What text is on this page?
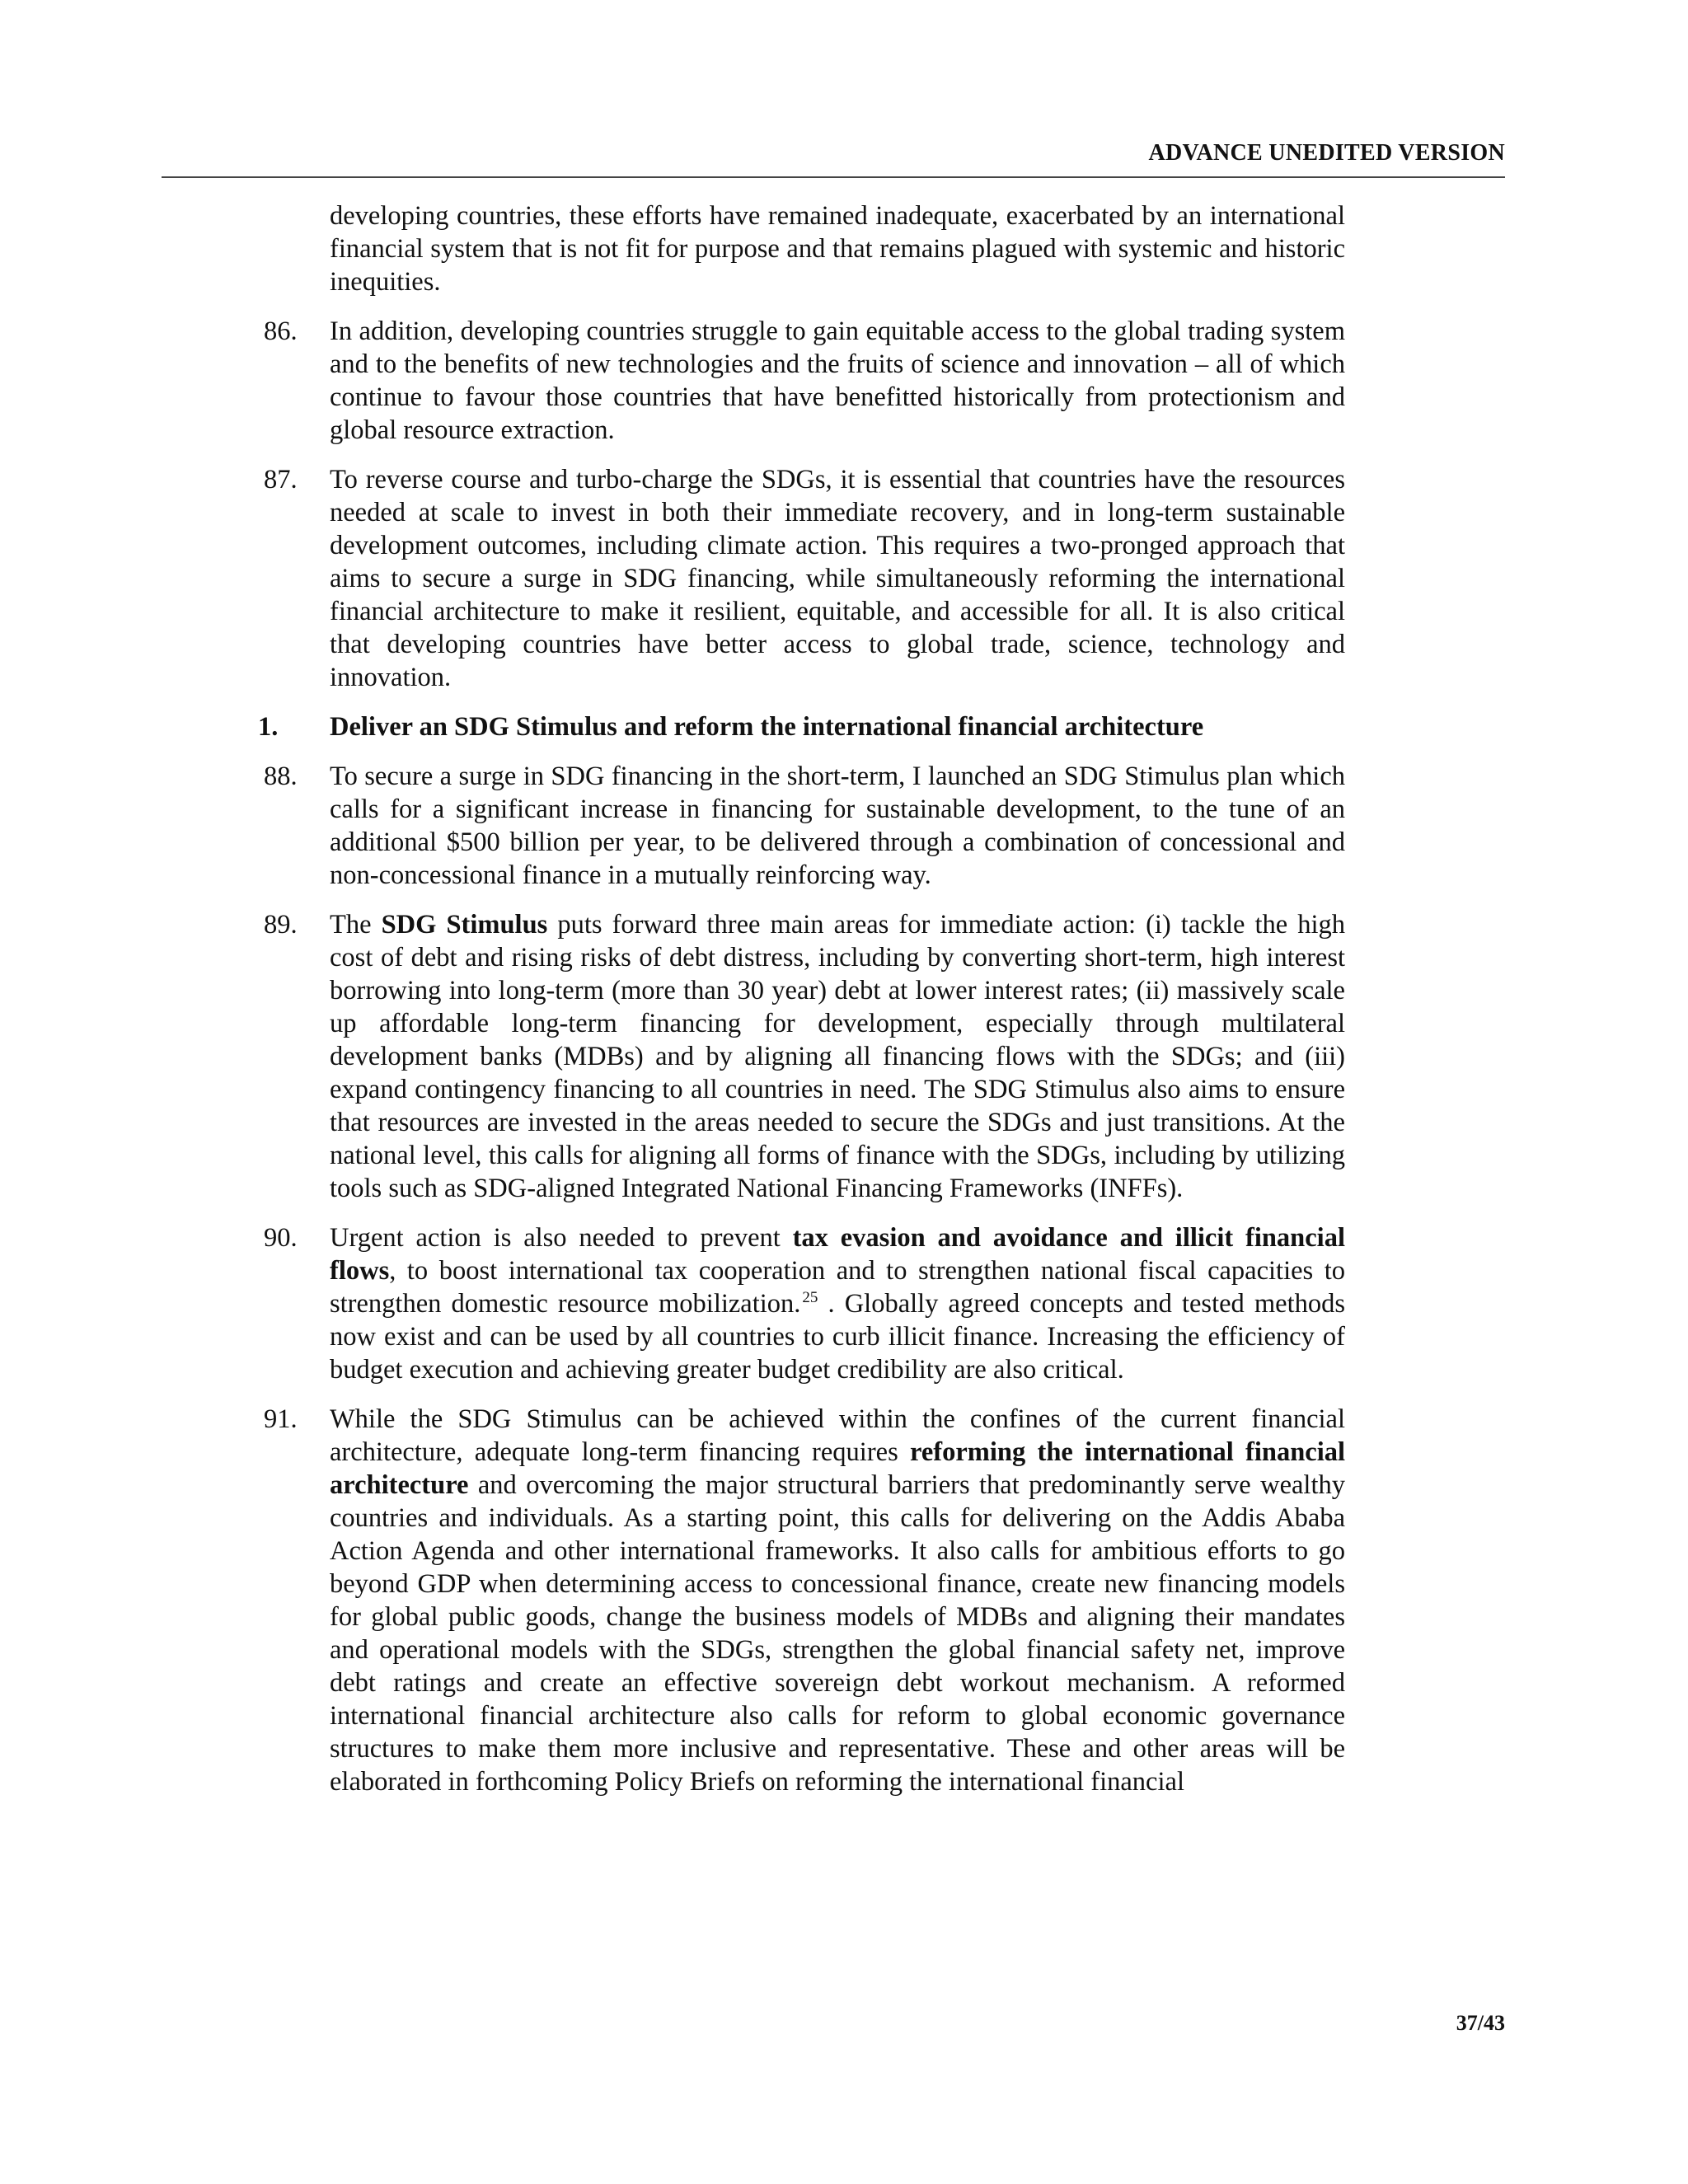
ADVANCE UNEDITED VERSION

developing countries, these efforts have remained inadequate, exacerbated by an international financial system that is not fit for purpose and that remains plagued with systemic and historic inequities.

86. In addition, developing countries struggle to gain equitable access to the global trading system and to the benefits of new technologies and the fruits of science and innovation – all of which continue to favour those countries that have benefitted historically from protectionism and global resource extraction.

87. To reverse course and turbo-charge the SDGs, it is essential that countries have the resources needed at scale to invest in both their immediate recovery, and in long-term sustainable development outcomes, including climate action. This requires a two-pronged approach that aims to secure a surge in SDG financing, while simultaneously reforming the international financial architecture to make it resilient, equitable, and accessible for all. It is also critical that developing countries have better access to global trade, science, technology and innovation.

1. Deliver an SDG Stimulus and reform the international financial architecture

88. To secure a surge in SDG financing in the short-term, I launched an SDG Stimulus plan which calls for a significant increase in financing for sustainable development, to the tune of an additional $500 billion per year, to be delivered through a combination of concessional and non-concessional finance in a mutually reinforcing way.

89. The SDG Stimulus puts forward three main areas for immediate action: (i) tackle the high cost of debt and rising risks of debt distress, including by converting short-term, high interest borrowing into long-term (more than 30 year) debt at lower interest rates; (ii) massively scale up affordable long-term financing for development, especially through multilateral development banks (MDBs) and by aligning all financing flows with the SDGs; and (iii) expand contingency financing to all countries in need. The SDG Stimulus also aims to ensure that resources are invested in the areas needed to secure the SDGs and just transitions. At the national level, this calls for aligning all forms of finance with the SDGs, including by utilizing tools such as SDG-aligned Integrated National Financing Frameworks (INFFs).

90. Urgent action is also needed to prevent tax evasion and avoidance and illicit financial flows, to boost international tax cooperation and to strengthen national fiscal capacities to strengthen domestic resource mobilization. $^{25}$ . Globally agreed concepts and tested methods now exist and can be used by all countries to curb illicit finance. Increasing the efficiency of budget execution and achieving greater budget credibility are also critical.

91. While the SDG Stimulus can be achieved within the confines of the current financial architecture, adequate long-term financing requires reforming the international financial architecture and overcoming the major structural barriers that predominantly serve wealthy countries and individuals. As a starting point, this calls for delivering on the Addis Ababa Action Agenda and other international frameworks. It also calls for ambitious efforts to go beyond GDP when determining access to concessional finance, create new financing models for global public goods, change the business models of MDBs and aligning their mandates and operational models with the SDGs, strengthen the global financial safety net, improve debt ratings and create an effective sovereign debt workout mechanism. A reformed international financial architecture also calls for reform to global economic governance structures to make them more inclusive and representative. These and other areas will be elaborated in forthcoming Policy Briefs on reforming the international financial

37/43
